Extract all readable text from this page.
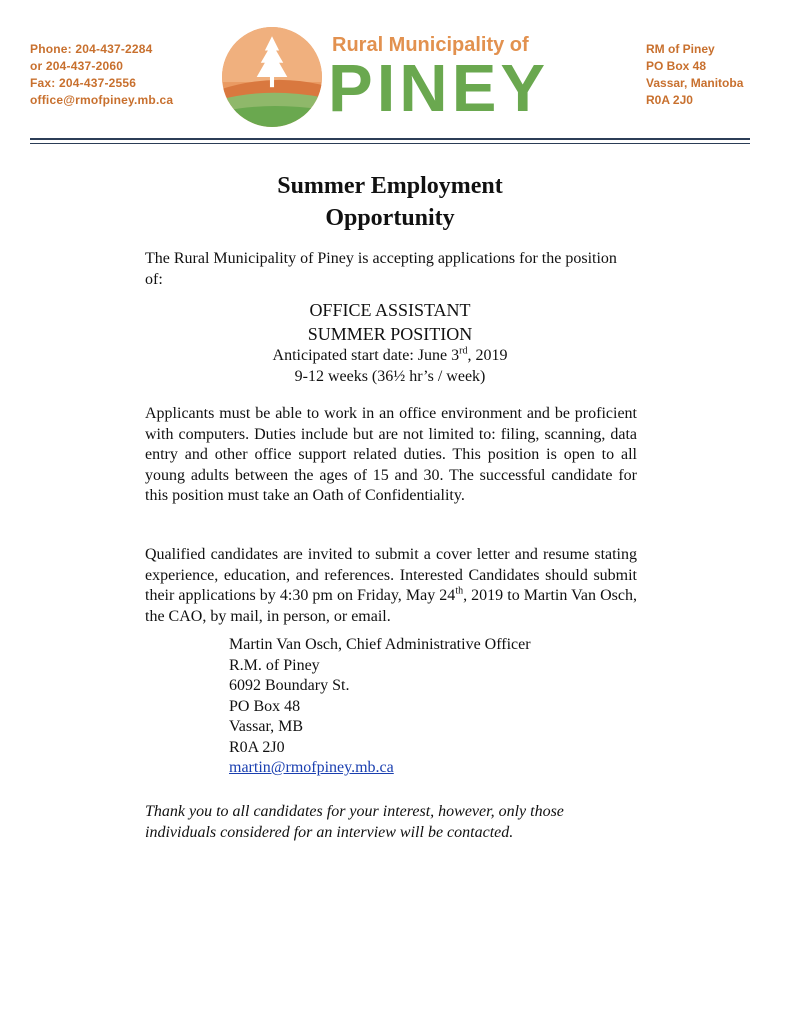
Phone: 204-437-2284
or 204-437-2060
Fax: 204-437-2556
office@rmofpiney.mb.ca
Rural Municipality of
PINEY
RM of Piney
PO Box 48
Vassar, Manitoba
R0A 2J0
Summer Employment
Opportunity
The Rural Municipality of Piney is accepting applications for the position of:
OFFICE ASSISTANT
SUMMER POSITION
Anticipated start date: June 3rd, 2019
9-12 weeks (36½ hr’s / week)
Applicants must be able to work in an office environment and be proficient with computers. Duties include but are not limited to: filing, scanning, data entry and other office support related duties. This position is open to all young adults between the ages of 15 and 30. The successful candidate for this position must take an Oath of Confidentiality.
Qualified candidates are invited to submit a cover letter and resume stating experience, education, and references. Interested Candidates should submit their applications by 4:30 pm on Friday, May 24th, 2019 to Martin Van Osch, the CAO, by mail, in person, or email.
Martin Van Osch, Chief Administrative Officer
R.M. of Piney
6092 Boundary St.
PO Box 48
Vassar, MB
R0A 2J0
martin@rmofpiney.mb.ca
Thank you to all candidates for your interest, however, only those individuals considered for an interview will be contacted.
